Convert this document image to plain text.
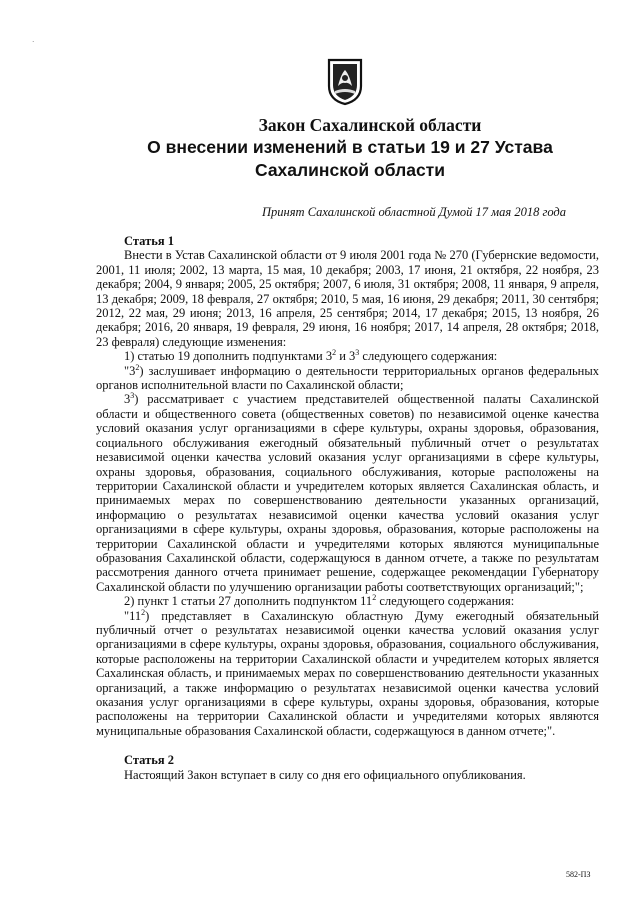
·
Закон Сахалинской области
О внесении изменений в статьи 19 и 27 Устава
Сахалинской области
Принят Сахалинской областной Думой 17 мая 2018 года
Статья 1

Внести в Устав Сахалинской области от 9 июля 2001 года № 270 (Губернские ведомости, 2001, 11 июля; 2002, 13 марта, 15 мая, 10 декабря; 2003, 17 июня, 21 октября, 22 ноября, 23 декабря; 2004, 9 января; 2005, 25 октября; 2007, 6 июля, 31 октября; 2008, 11 января, 9 апреля, 13 декабря; 2009, 18 февраля, 27 октября; 2010, 5 мая, 16 июня, 29 декабря; 2011, 30 сентября; 2012, 22 мая, 29 июня; 2013, 16 апреля, 25 сентября; 2014, 17 декабря; 2015, 13 ноября, 26 декабря; 2016, 20 января, 19 февраля, 29 июня, 16 ноября; 2017, 14 апреля, 28 октября; 2018, 23 февраля) следующие изменения:

1) статью 19 дополнить подпунктами $3^2$ и $3^3$ следующего содержания:

"$3^2$) заслушивает информацию о деятельности территориальных органов федеральных органов исполнительной власти по Сахалинской области;

$3^3$) рассматривает с участием представителей общественной палаты Сахалинской области и общественного совета (общественных советов) по независимой оценке качества условий оказания услуг организациями в сфере культуры, охраны здоровья, образования, социального обслуживания ежегодный обязательный публичный отчет о результатах независимой оценки качества условий оказания услуг организациями в сфере культуры, охраны здоровья, образования, социального обслуживания, которые расположены на территории Сахалинской области и учредителем которых является Сахалинская область, и принимаемых мерах по совершенствованию деятельности указанных организаций, информацию о результатах независимой оценки качества условий оказания услуг организациями в сфере культуры, охраны здоровья, образования, которые расположены на территории Сахалинской области и учредителями которых являются муниципальные образования Сахалинской области, содержащуюся в данном отчете, а также по результатам рассмотрения данного отчета принимает решение, содержащее рекомендации Губернатору Сахалинской области по улучшению организации работы соответствующих организаций;";

2) пункт 1 статьи 27 дополнить подпунктом $11^2$ следующего содержания:

"$11^2$) представляет в Сахалинскую областную Думу ежегодный обязательный публичный отчет о результатах независимой оценки качества условий оказания услуг организациями в сфере культуры, охраны здоровья, образования, социального обслуживания, которые расположены на территории Сахалинской области и учредителем которых является Сахалинская область, и принимаемых мерах по совершенствованию деятельности указанных организаций, а также информацию о результатах независимой оценки качества условий оказания услуг организациями в сфере культуры, охраны здоровья, образования, которые расположены на территории Сахалинской области и учредителями которых являются муниципальные образования Сахалинской области, содержащуюся в данном отчете;".

Статья 2

Настоящий Закон вступает в силу со дня его официального опубликования.

582-ПЗ
